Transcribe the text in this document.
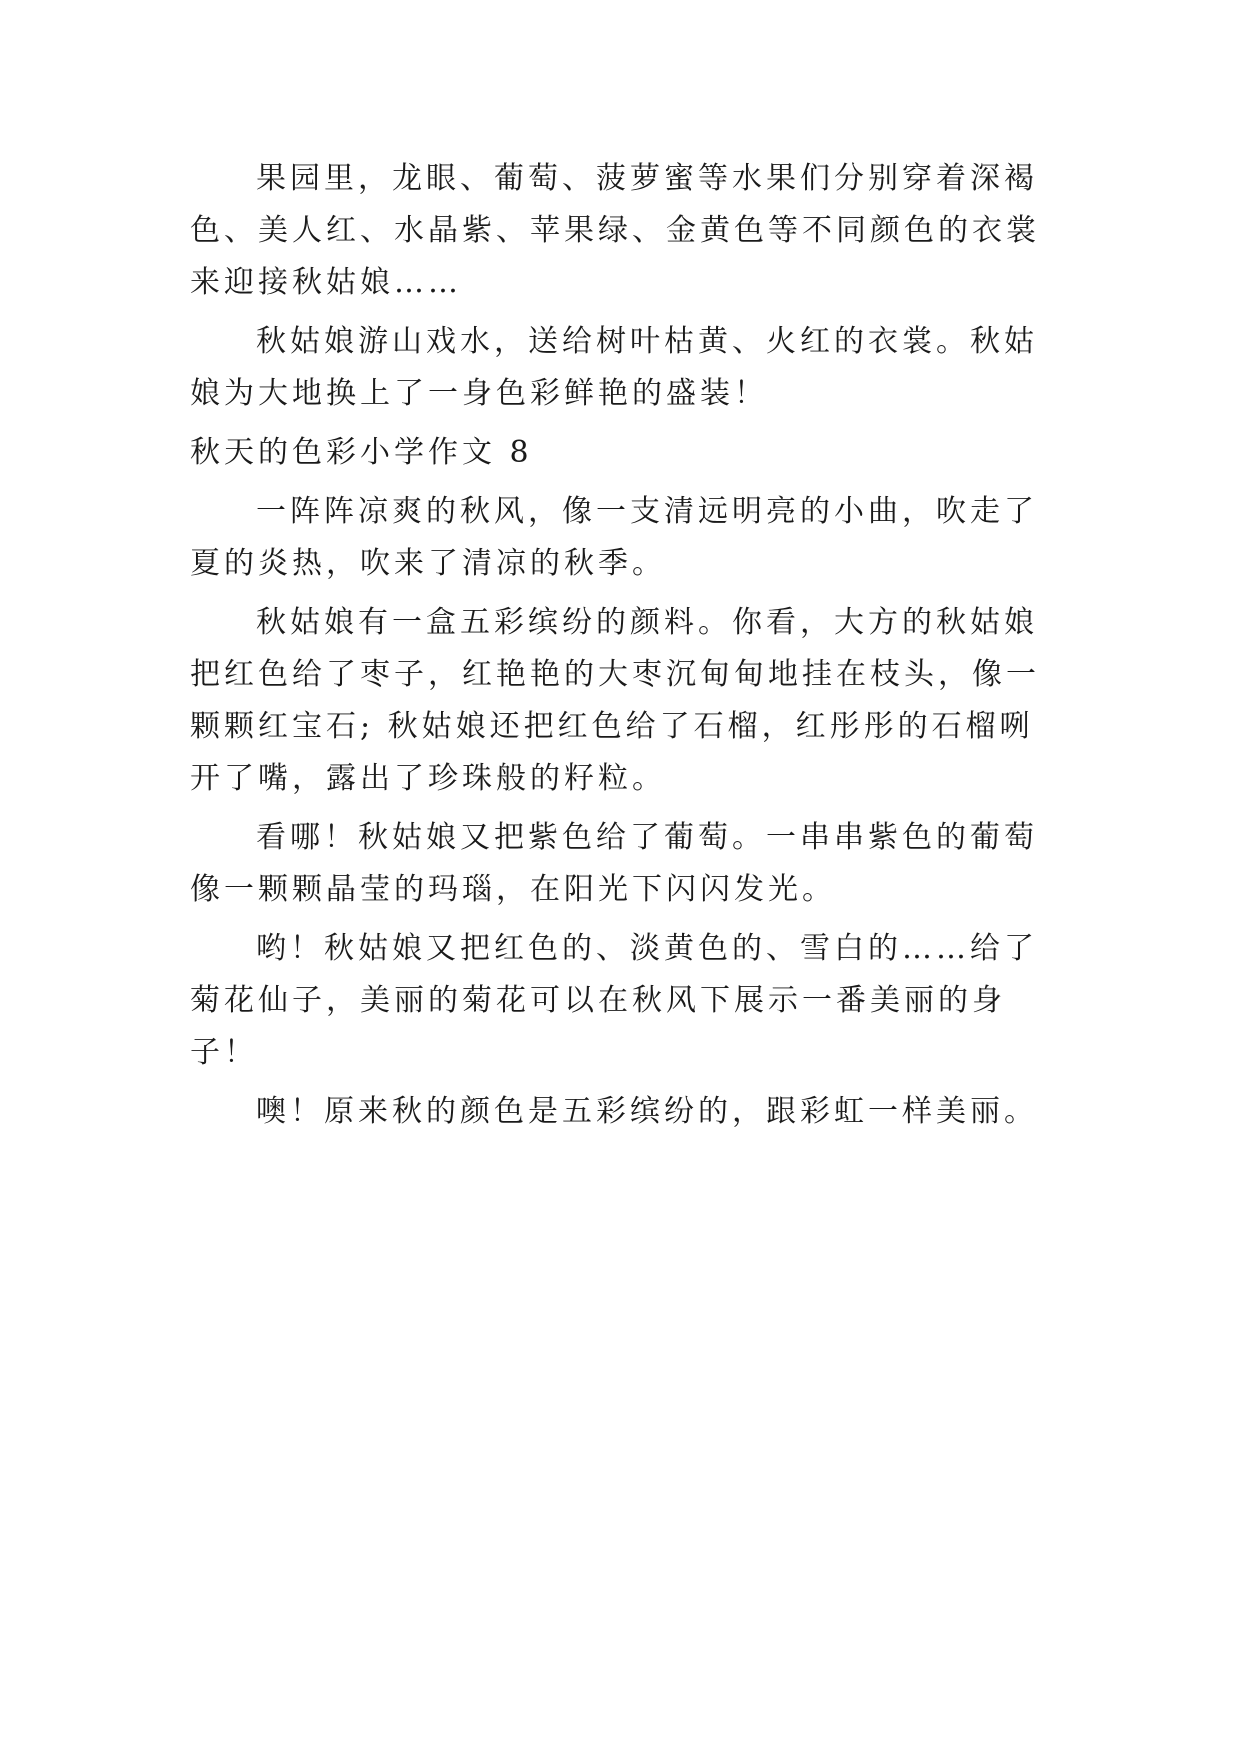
果园里，龙眼、葡萄、菠萝蜜等水果们分别穿着深褐色、美人红、水晶紫、苹果绿、金黄色等不同颜色的衣裳来迎接秋姑娘……

秋姑娘游山戏水，送给树叶枯黄、火红的衣裳。秋姑娘为大地换上了一身色彩鲜艳的盛装！

秋天的色彩小学作文 8

一阵阵凉爽的秋风，像一支清远明亮的小曲，吹走了夏的炎热，吹来了清凉的秋季。

秋姑娘有一盒五彩缤纷的颜料。你看，大方的秋姑娘把红色给了枣子，红艳艳的大枣沉甸甸地挂在枝头，像一颗颗红宝石; 秋姑娘还把红色给了石榴，红彤彤的石榴咧开了嘴，露出了珍珠般的籽粒。

看哪！秋姑娘又把紫色给了葡萄。一串串紫色的葡萄像一颗颗晶莹的玛瑙，在阳光下闪闪发光。

哟！秋姑娘又把红色的、淡黄色的、雪白的……给了菊花仙子，美丽的菊花可以在秋风下展示一番美丽的身子！

噢！原来秋的颜色是五彩缤纷的，跟彩虹一样美丽。
